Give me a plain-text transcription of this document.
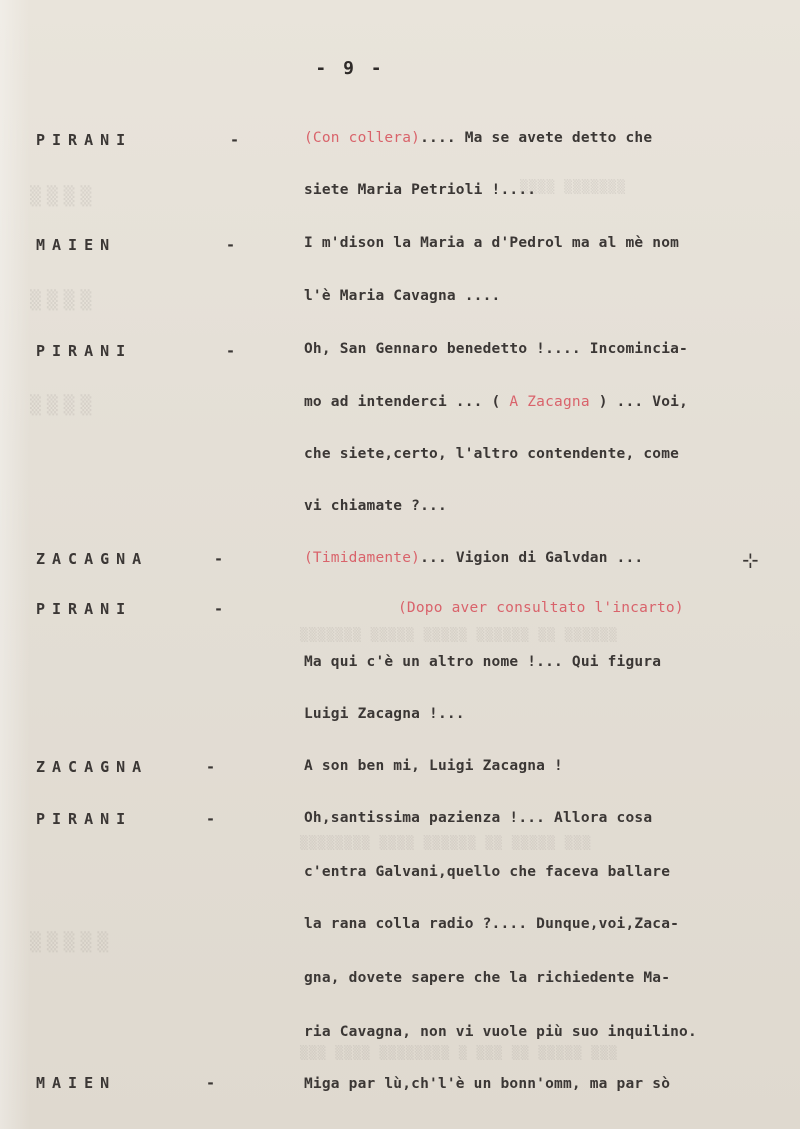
▒▒▒▒
▒▒▒▒
▒▒▒▒
▒▒▒▒▒
▒▒▒▒ ▒▒▒▒▒▒▒
▒▒▒▒▒▒▒ ▒▒▒▒▒ ▒▒▒▒▒ ▒▒▒▒▒▒ ▒▒ ▒▒▒▒▒▒
▒▒▒▒▒▒▒▒ ▒▒▒▒ ▒▒▒▒▒▒ ▒▒ ▒▒▒▒▒ ▒▒▒
▒▒▒ ▒▒▒▒ ▒▒▒▒▒▒▒▒ ▒ ▒▒▒ ▒▒ ▒▒▒▒▒ ▒▒▒
- 9 -
PIRANI	-	(Con collera).... Ma se avete detto che
siete Maria Petrioli !....
MAIEN	-	I m'dison la Maria a d'Pedrol ma al mè nom
l'è Maria Cavagna ....
PIRANI	-	Oh, San Gennaro benedetto !.... Incomincia-
mo ad intenderci ... ( A Zacagna ) ... Voi,
che siete,certo, l'altro contendente, come
vi chiamate ?...
ZACAGNA	-	(Timidamente)... Vigion di Galvdan ...	⊹
PIRANI	-	(Dopo aver consultato l'incarto)
Ma qui c'è un altro nome !... Qui figura
Luigi Zacagna !...
ZACAGNA	-	A son ben mi, Luigi Zacagna !
PIRANI	-	Oh,santissima pazienza !... Allora cosa
c'entra Galvani,quello che faceva ballare
la rana colla radio ?.... Dunque,voi,Zaca-
gna, dovete sapere che la richiedente Ma-
ria Cavagna, non vi vuole più suo inquilino.
MAIEN	-	Miga par lù,ch'l'è un bonn'omm, ma par sò
